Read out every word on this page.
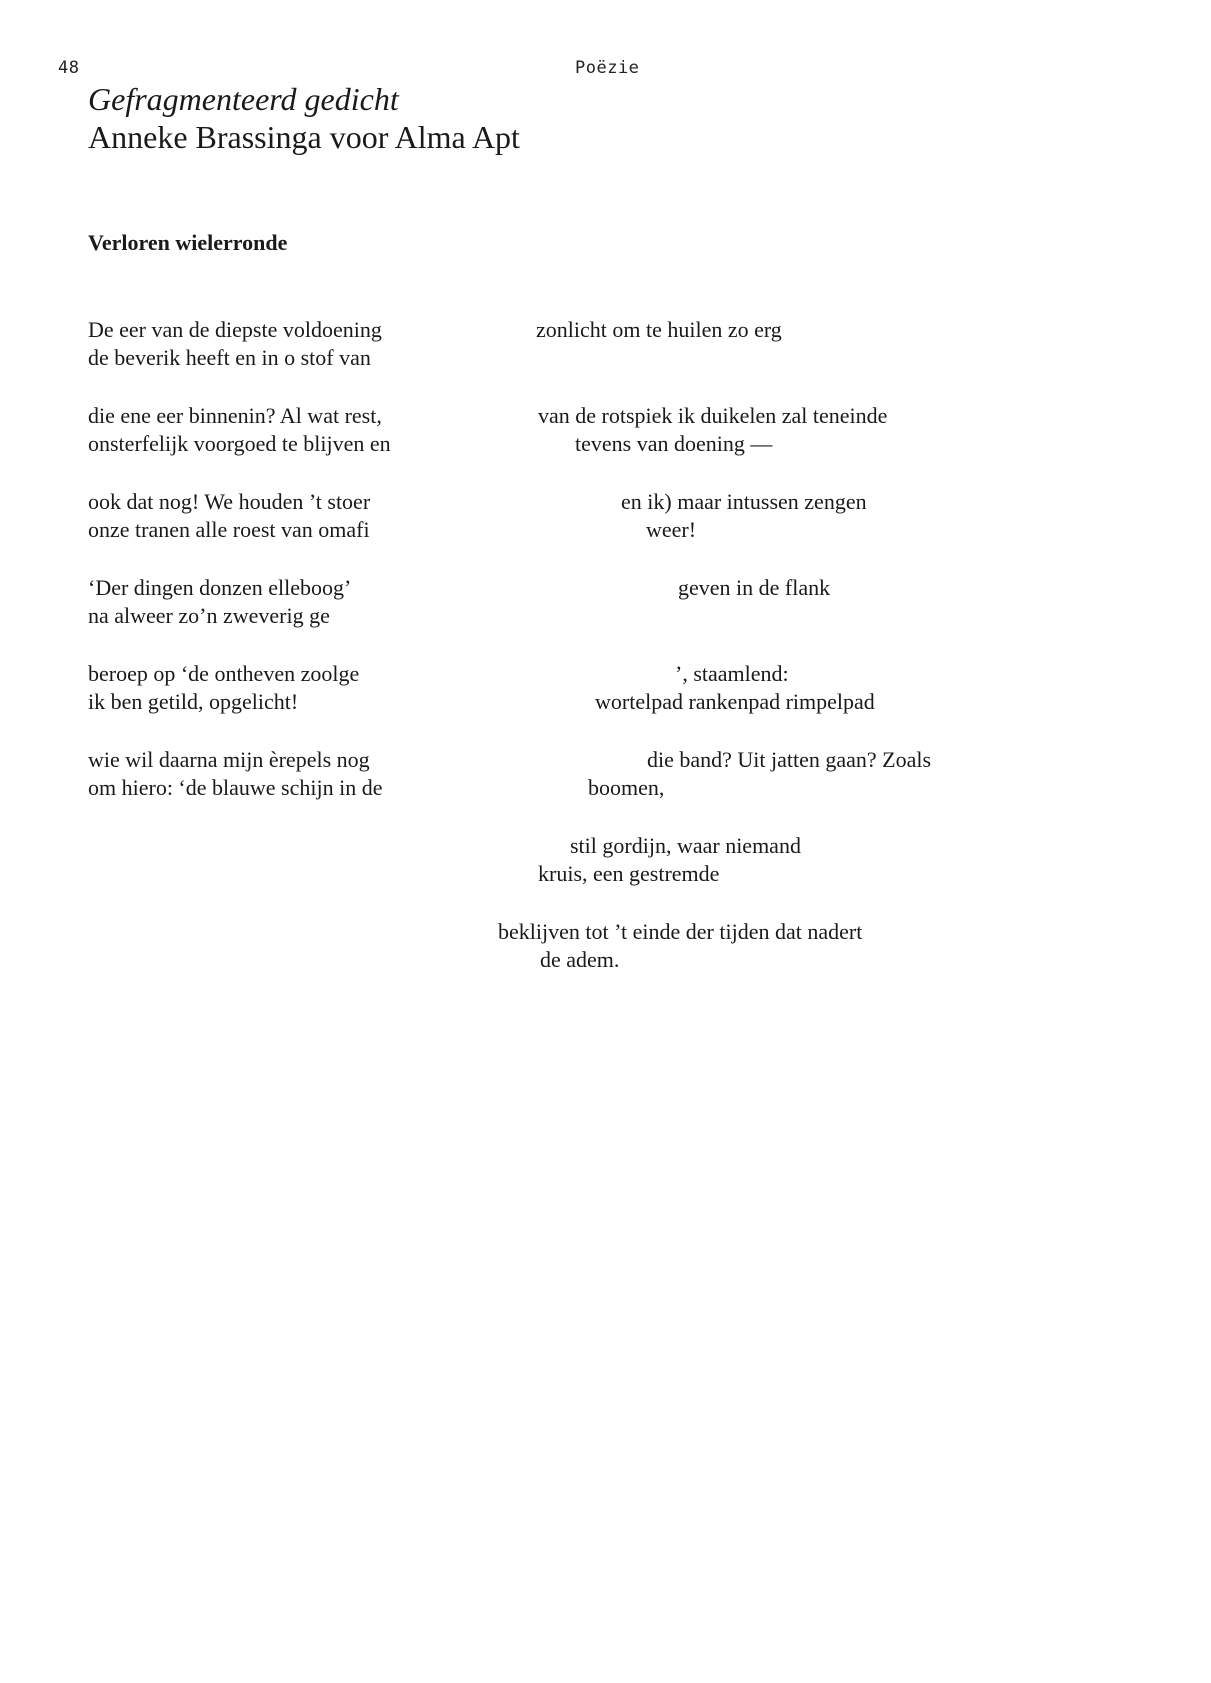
48	Poëzie
Gefragmenteerd gedicht
Anneke Brassinga voor Alma Apt
Verloren wielerronde
De eer van de diepste voldoening
de beverik heeft en in o stof van
die ene eer binnenin? Al wat rest,
onsterfelijk voorgoed te blijven en
ook dat nog! We houden ’t stoer
onze tranen alle roest van omafi
‘Der dingen donzen elleboog’
na alweer zo’n zweverig ge
beroep op ‘de ontheven zoolge
ik ben getild, opgelicht!
wie wil daarna mijn èrepels nog
om hiero: ‘de blauwe schijn in de
zonlicht om te huilen zo erg
van de rotspiek ik duikelen zal teneinde
tevens van doening —
en ik) maar intussen zengen
weer!
geven in de flank
’, staamlend:
wortelpad rankenpad rimpelpad
die band? Uit jatten gaan? Zoals
boomen,
stil gordijn, waar niemand
kruis, een gestremde
beklijven tot ’t einde der tijden dat nadert
de adem.
